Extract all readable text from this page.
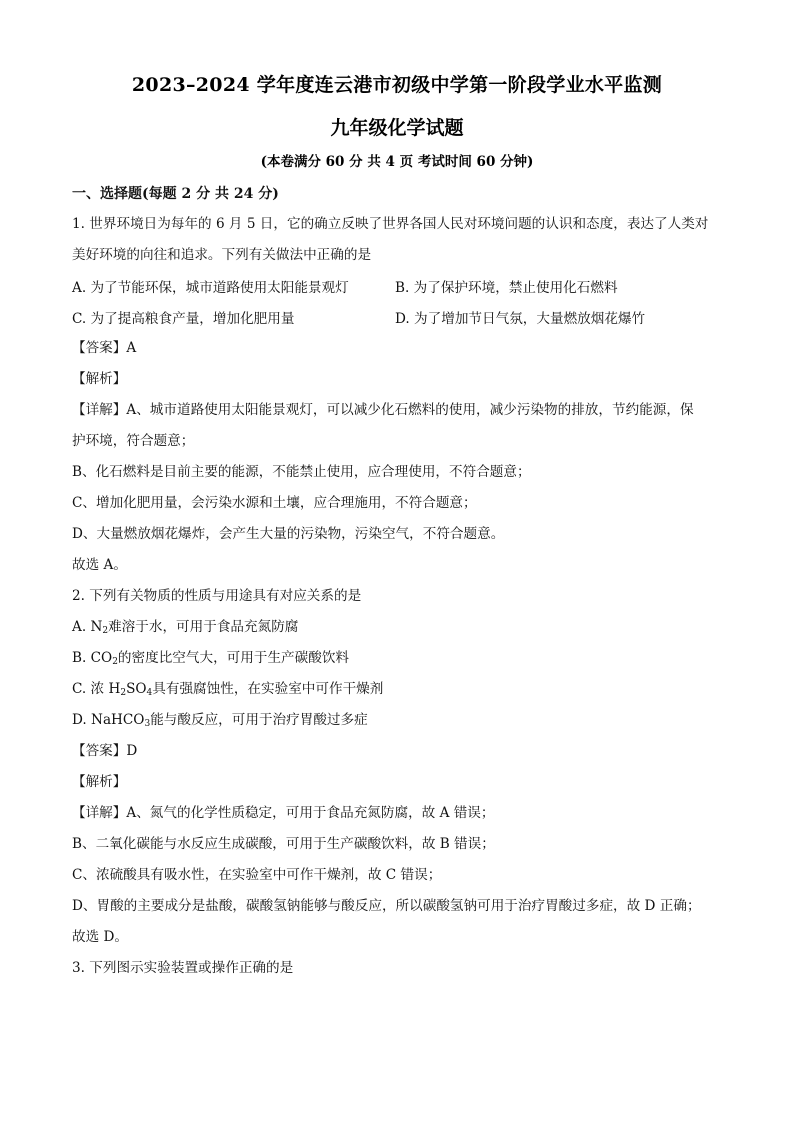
2023–2024 学年度连云港市初级中学第一阶段学业水平监测
九年级化学试题
(本卷满分 60 分 共 4 页 考试时间 60 分钟)
一、选择题(每题 2 分 共 24 分)
1. 世界环境日为每年的 6 月 5 日，它的确立反映了世界各国人民对环境问题的认识和态度，表达了人类对
美好环境的向往和追求。下列有关做法中正确的是
A. 为了节能环保，城市道路使用太阳能景观灯	B. 为了保护环境，禁止使用化石燃料
C. 为了提高粮食产量，增加化肥用量	D. 为了增加节日气氛，大量燃放烟花爆竹
【答案】A
【解析】
【详解】A、城市道路使用太阳能景观灯，可以减少化石燃料的使用，减少污染物的排放，节约能源，保
护环境，符合题意；
B、化石燃料是目前主要的能源，不能禁止使用，应合理使用，不符合题意；
C、增加化肥用量，会污染水源和土壤，应合理施用，不符合题意；
D、大量燃放烟花爆炸，会产生大量的污染物，污染空气，不符合题意。
故选 A。
2. 下列有关物质的性质与用途具有对应关系的是
A. $N_2$难溶于水，可用于食品充氮防腐
B. $CO_2$的密度比空气大，可用于生产碳酸饮料
C. 浓 $H_2SO_4$具有强腐蚀性，在实验室中可作干燥剂
D. NaHCO$_3$能与酸反应，可用于治疗胃酸过多症
【答案】D
【解析】
【详解】A、氮气的化学性质稳定，可用于食品充氮防腐，故 A 错误；
B、二氧化碳能与水反应生成碳酸，可用于生产碳酸饮料，故 B 错误；
C、浓硫酸具有吸水性，在实验室中可作干燥剂，故 C 错误；
D、胃酸的主要成分是盐酸，碳酸氢钠能够与酸反应，所以碳酸氢钠可用于治疗胃酸过多症，故 D 正确；
故选 D。
3. 下列图示实验装置或操作正确的是
